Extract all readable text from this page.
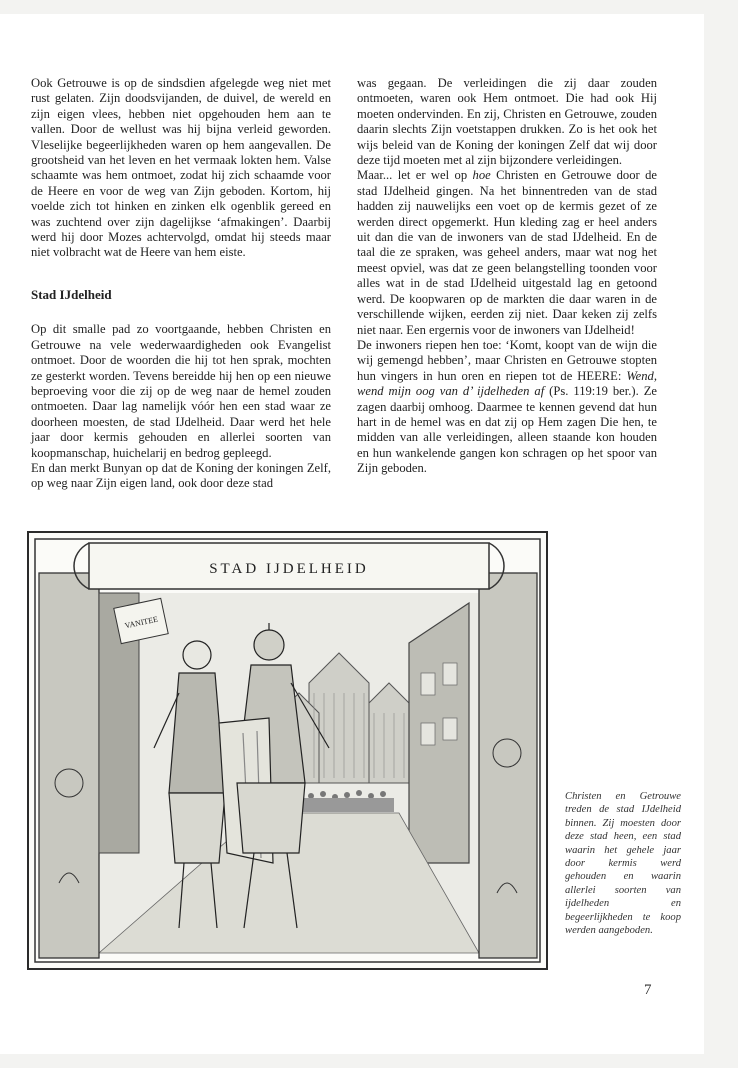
Ook Getrouwe is op de sindsdien afgelegde weg niet met rust gelaten. Zijn doodsvijanden, de duivel, de wereld en zijn eigen vlees, hebben niet opgehouden hem aan te vallen. Door de wellust was hij bijna verleid geworden. Vleselijke begeerlijkheden waren op hem aangevallen. De grootsheid van het leven en het vermaak lokten hem. Valse schaamte was hem ontmoet, zodat hij zich schaamde voor de Heere en voor de weg van Zijn geboden. Kortom, hij voelde zich tot hinken en zinken elk ogenblik gereed en was zuchtend over zijn dagelijkse ‘afmakingen’. Daarbij werd hij door Mozes achtervolgd, omdat hij steeds maar niet volbracht wat de Heere van hem eiste.

Stad IJdelheid

Op dit smalle pad zo voortgaande, hebben Christen en Getrouwe na vele wederwaardigheden ook Evangelist ontmoet. Door de woorden die hij tot hen sprak, mochten ze gesterkt worden. Tevens bereidde hij hen op een nieuwe beproeving voor die zij op de weg naar de hemel zouden ontmoeten. Daar lag namelijk vóór hen een stad waar ze doorheen moesten, de stad IJdelheid. Daar werd het hele jaar door kermis gehouden en allerlei soorten van koopmanschap, huichelarij en bedrog gepleegd.

En dan merkt Bunyan op dat de Koning der koningen Zelf, op weg naar Zijn eigen land, ook door deze stad

was gegaan. De verleidingen die zij daar zouden ontmoeten, waren ook Hem ontmoet. Die had ook Hij moeten ondervinden. En zij, Christen en Getrouwe, zouden daarin slechts Zijn voetstappen drukken. Zo is het ook het wijs beleid van de Koning der koningen Zelf dat wij door deze tijd moeten met al zijn bijzondere verleidingen.

Maar... let er wel op hoe Christen en Getrouwe door de stad IJdelheid gingen. Na het binnentreden van de stad hadden zij nauwelijks een voet op de kermis gezet of ze werden direct opgemerkt. Hun kleding zag er heel anders uit dan die van de inwoners van de stad IJdelheid. En de taal die ze spraken, was geheel anders, maar wat nog het meest opviel, was dat ze geen belangstelling toonden voor alles wat in de stad IJdelheid uitgestald lag en getoond werd. De koopwaren op de markten die daar waren in de verschillende wijken, eerden zij niet. Daar keken zij zelfs niet naar. Een ergernis voor de inwoners van IJdelheid!

De inwoners riepen hen toe: ‘Komt, koopt van de wijn die wij gemengd hebben’, maar Christen en Getrouwe stopten hun vingers in hun oren en riepen tot de HEERE: Wend, wend mijn oog van d’ ijdelheden af (Ps. 119:19 ber.). Ze zagen daarbij omhoog. Daarmee te kennen gevend dat hun hart in de hemel was en dat zij op Hem zagen Die hen, te midden van alle verleidingen, alleen staande kon houden en hun wankelende gangen kon schragen op het spoor van Zijn geboden.

VANITEE
STAD IJDELHEID
Christen en Getrouwe treden de stad IJdelheid binnen. Zij moesten door deze stad heen, een stad waarin het gehele jaar door kermis werd gehouden en waarin allerlei soorten van ijdelheden en begeerlijkheden te koop werden aangeboden.
7
